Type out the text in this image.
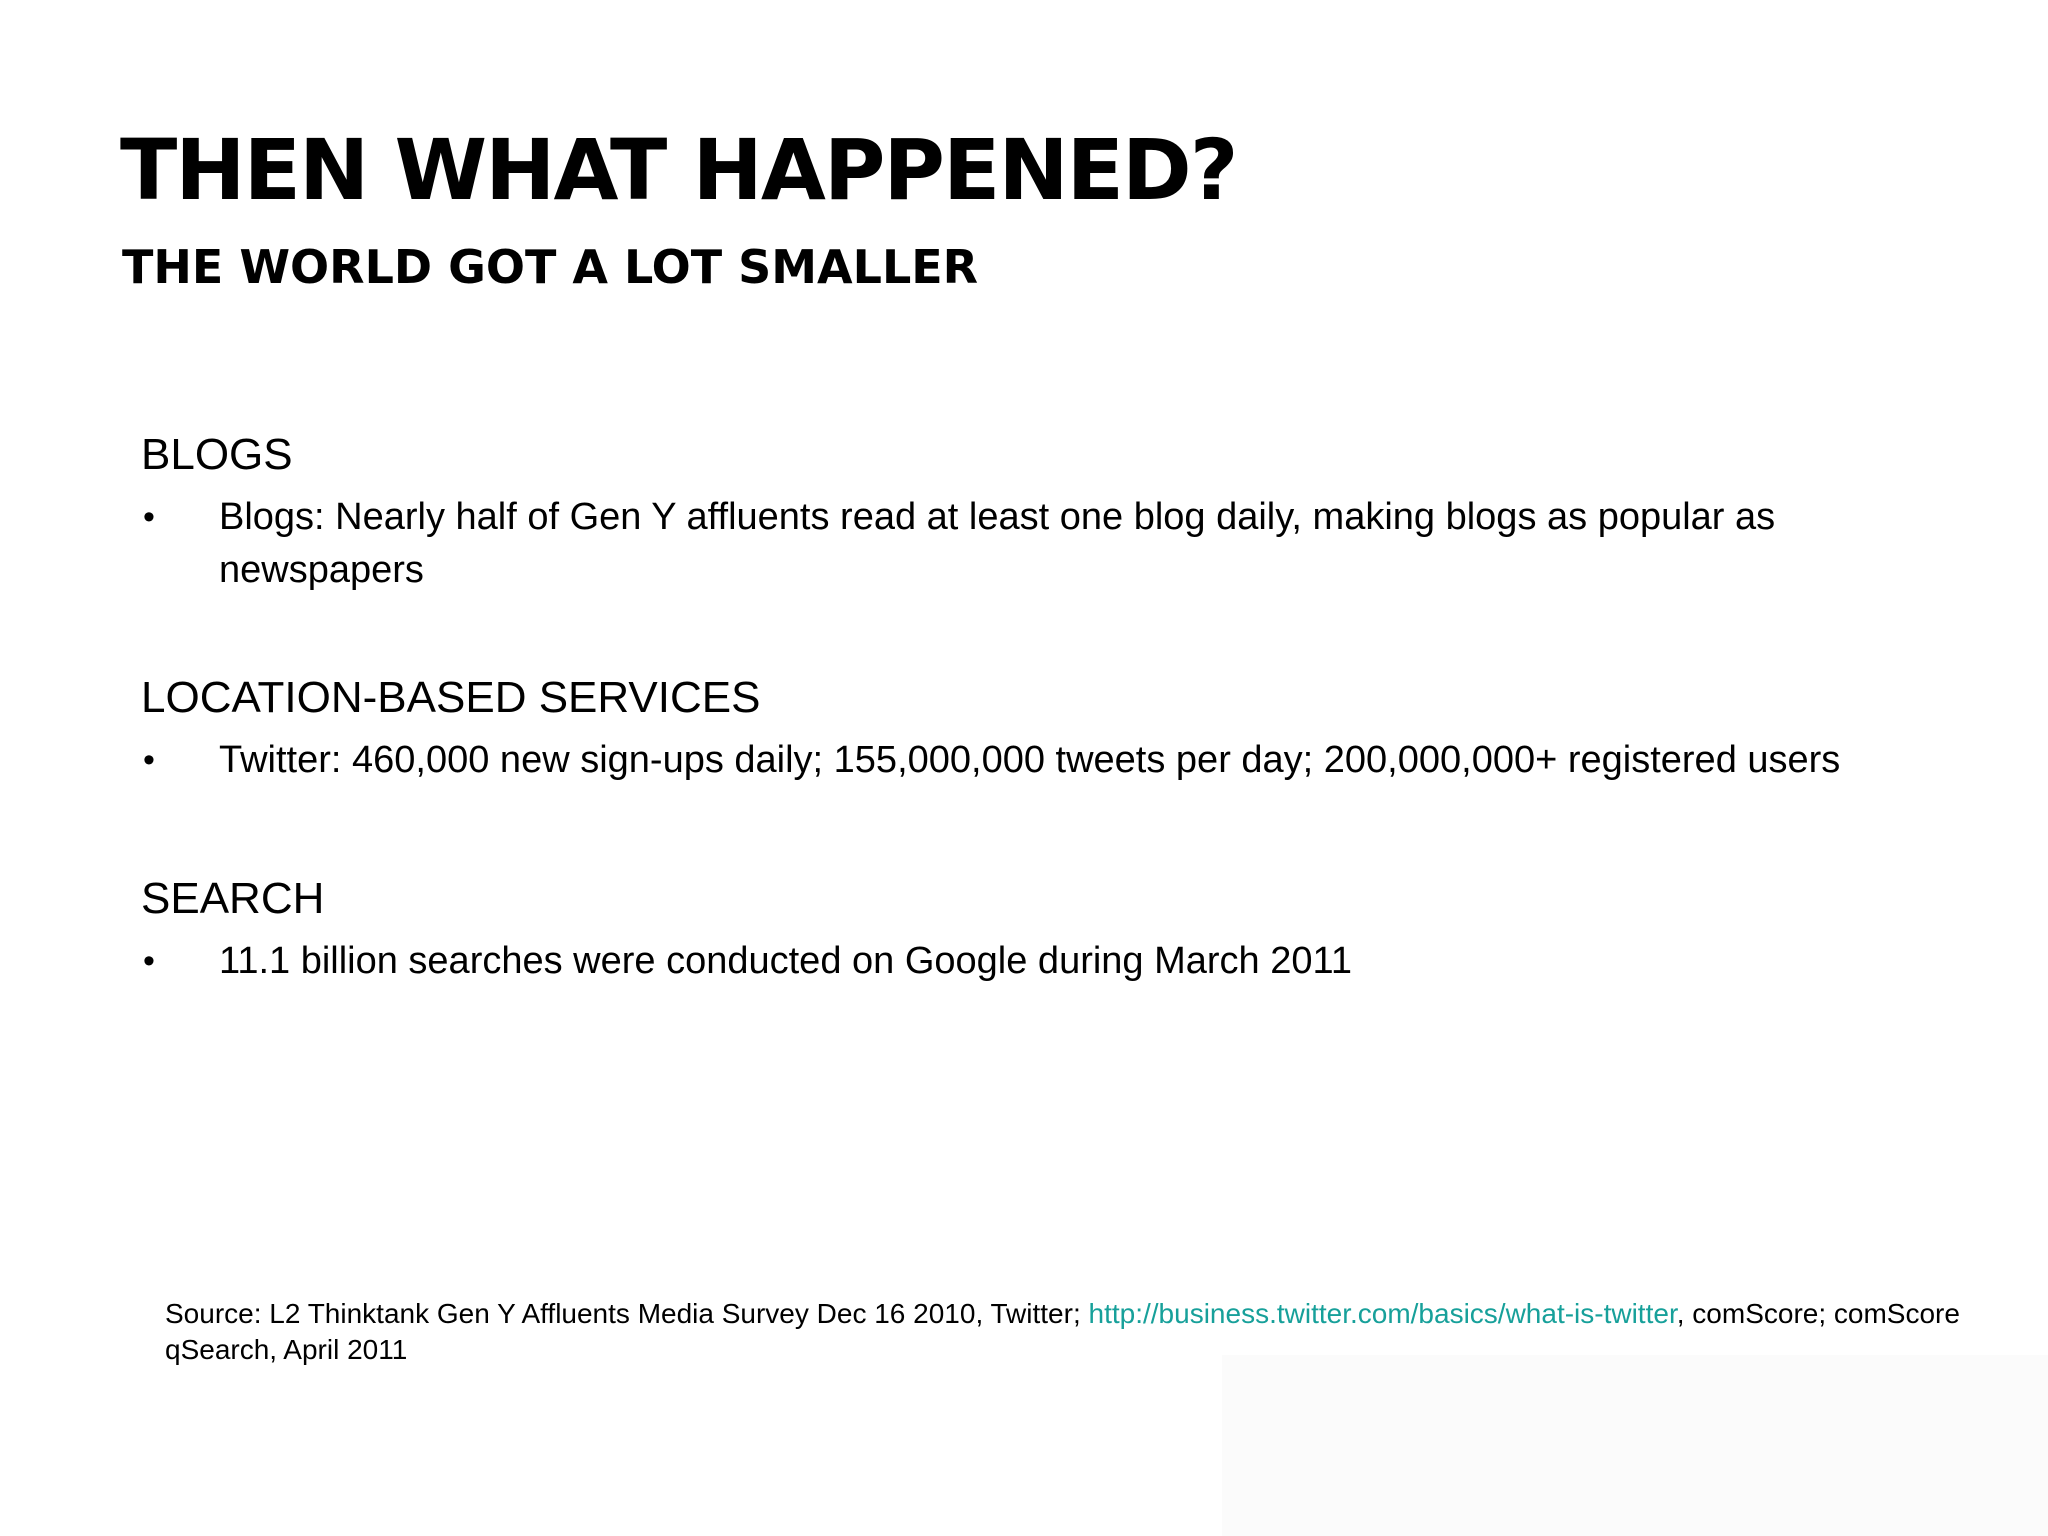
THEN WHAT HAPPENED?
THE WORLD GOT A LOT SMALLER
BLOGS
• Blogs: Nearly half of Gen Y affluents read at least one blog daily, making blogs as popular as newspapers
LOCATION-BASED SERVICES
• Twitter: 460,000 new sign-ups daily; 155,000,000 tweets per day; 200,000,000+ registered users
SEARCH
• 11.1 billion searches were conducted on Google during March 2011
Source: L2 Thinktank Gen Y Affluents Media Survey Dec 16 2010, Twitter; http://business.twitter.com/basics/what-is-twitter, comScore; comScore qSearch, April 2011
